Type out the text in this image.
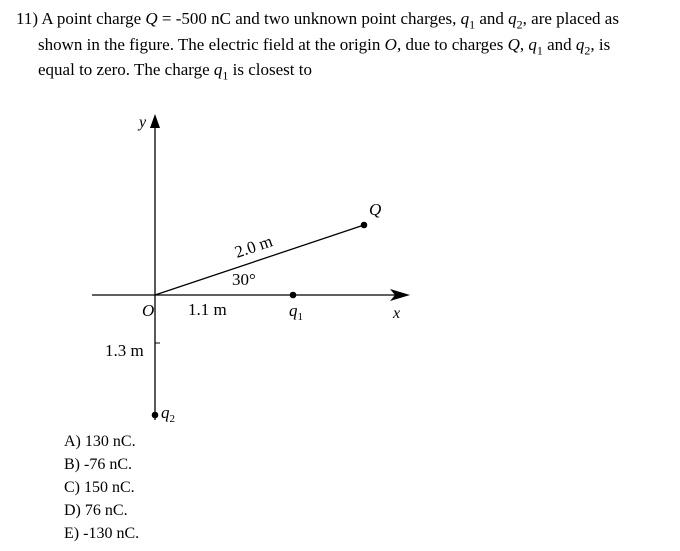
11) A point charge Q = -500 nC and two unknown point charges, $q_1$ and $q_2$, are placed as
shown in the figure. The electric field at the origin O, due to charges Q, $q_1$ and $q_2$, is
equal to zero. The charge $q_1$ is closest to
y
x
O
Q
2.0 m
30°
1.1 m	$q_1$
1.3 m
$q_2$
A) 130 nC.
B) -76 nC.
C) 150 nC.
D) 76 nC.
E) -130 nC.
